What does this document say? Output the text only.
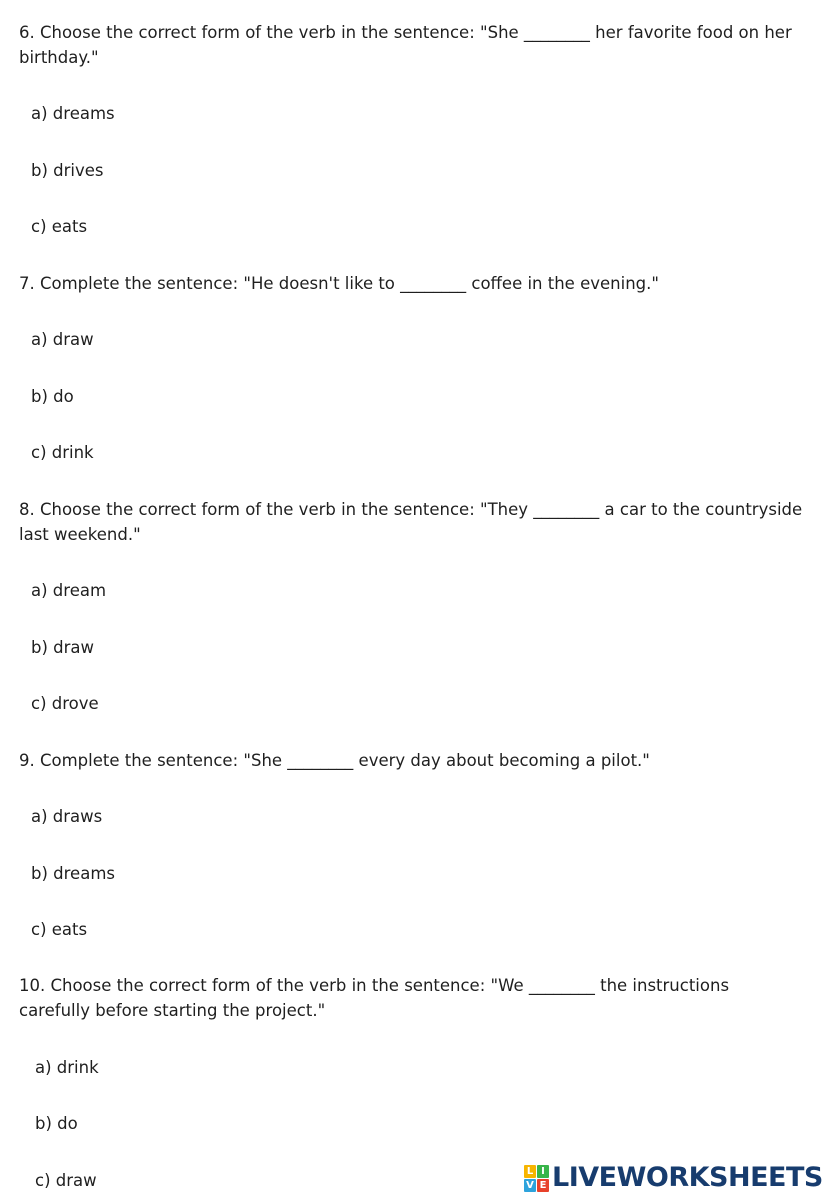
6. Choose the correct form of the verb in the sentence: "She ________ her favorite food on her birthday."

a) dreams

b) drives

c) eats

7. Complete the sentence: "He doesn't like to ________ coffee in the evening."

a) draw

b) do

c) drink

8. Choose the correct form of the verb in the sentence: "They ________ a car to the countryside last weekend."

a) dream

b) draw

c) drove

9. Complete the sentence: "She ________ every day about becoming a pilot."

a) draws

b) dreams

c) eats

10. Choose the correct form of the verb in the sentence: "We ________ the instructions carefully before starting the project."

a) drink

b) do

c) draw	L I
V E LIVEWORKSHEETS
